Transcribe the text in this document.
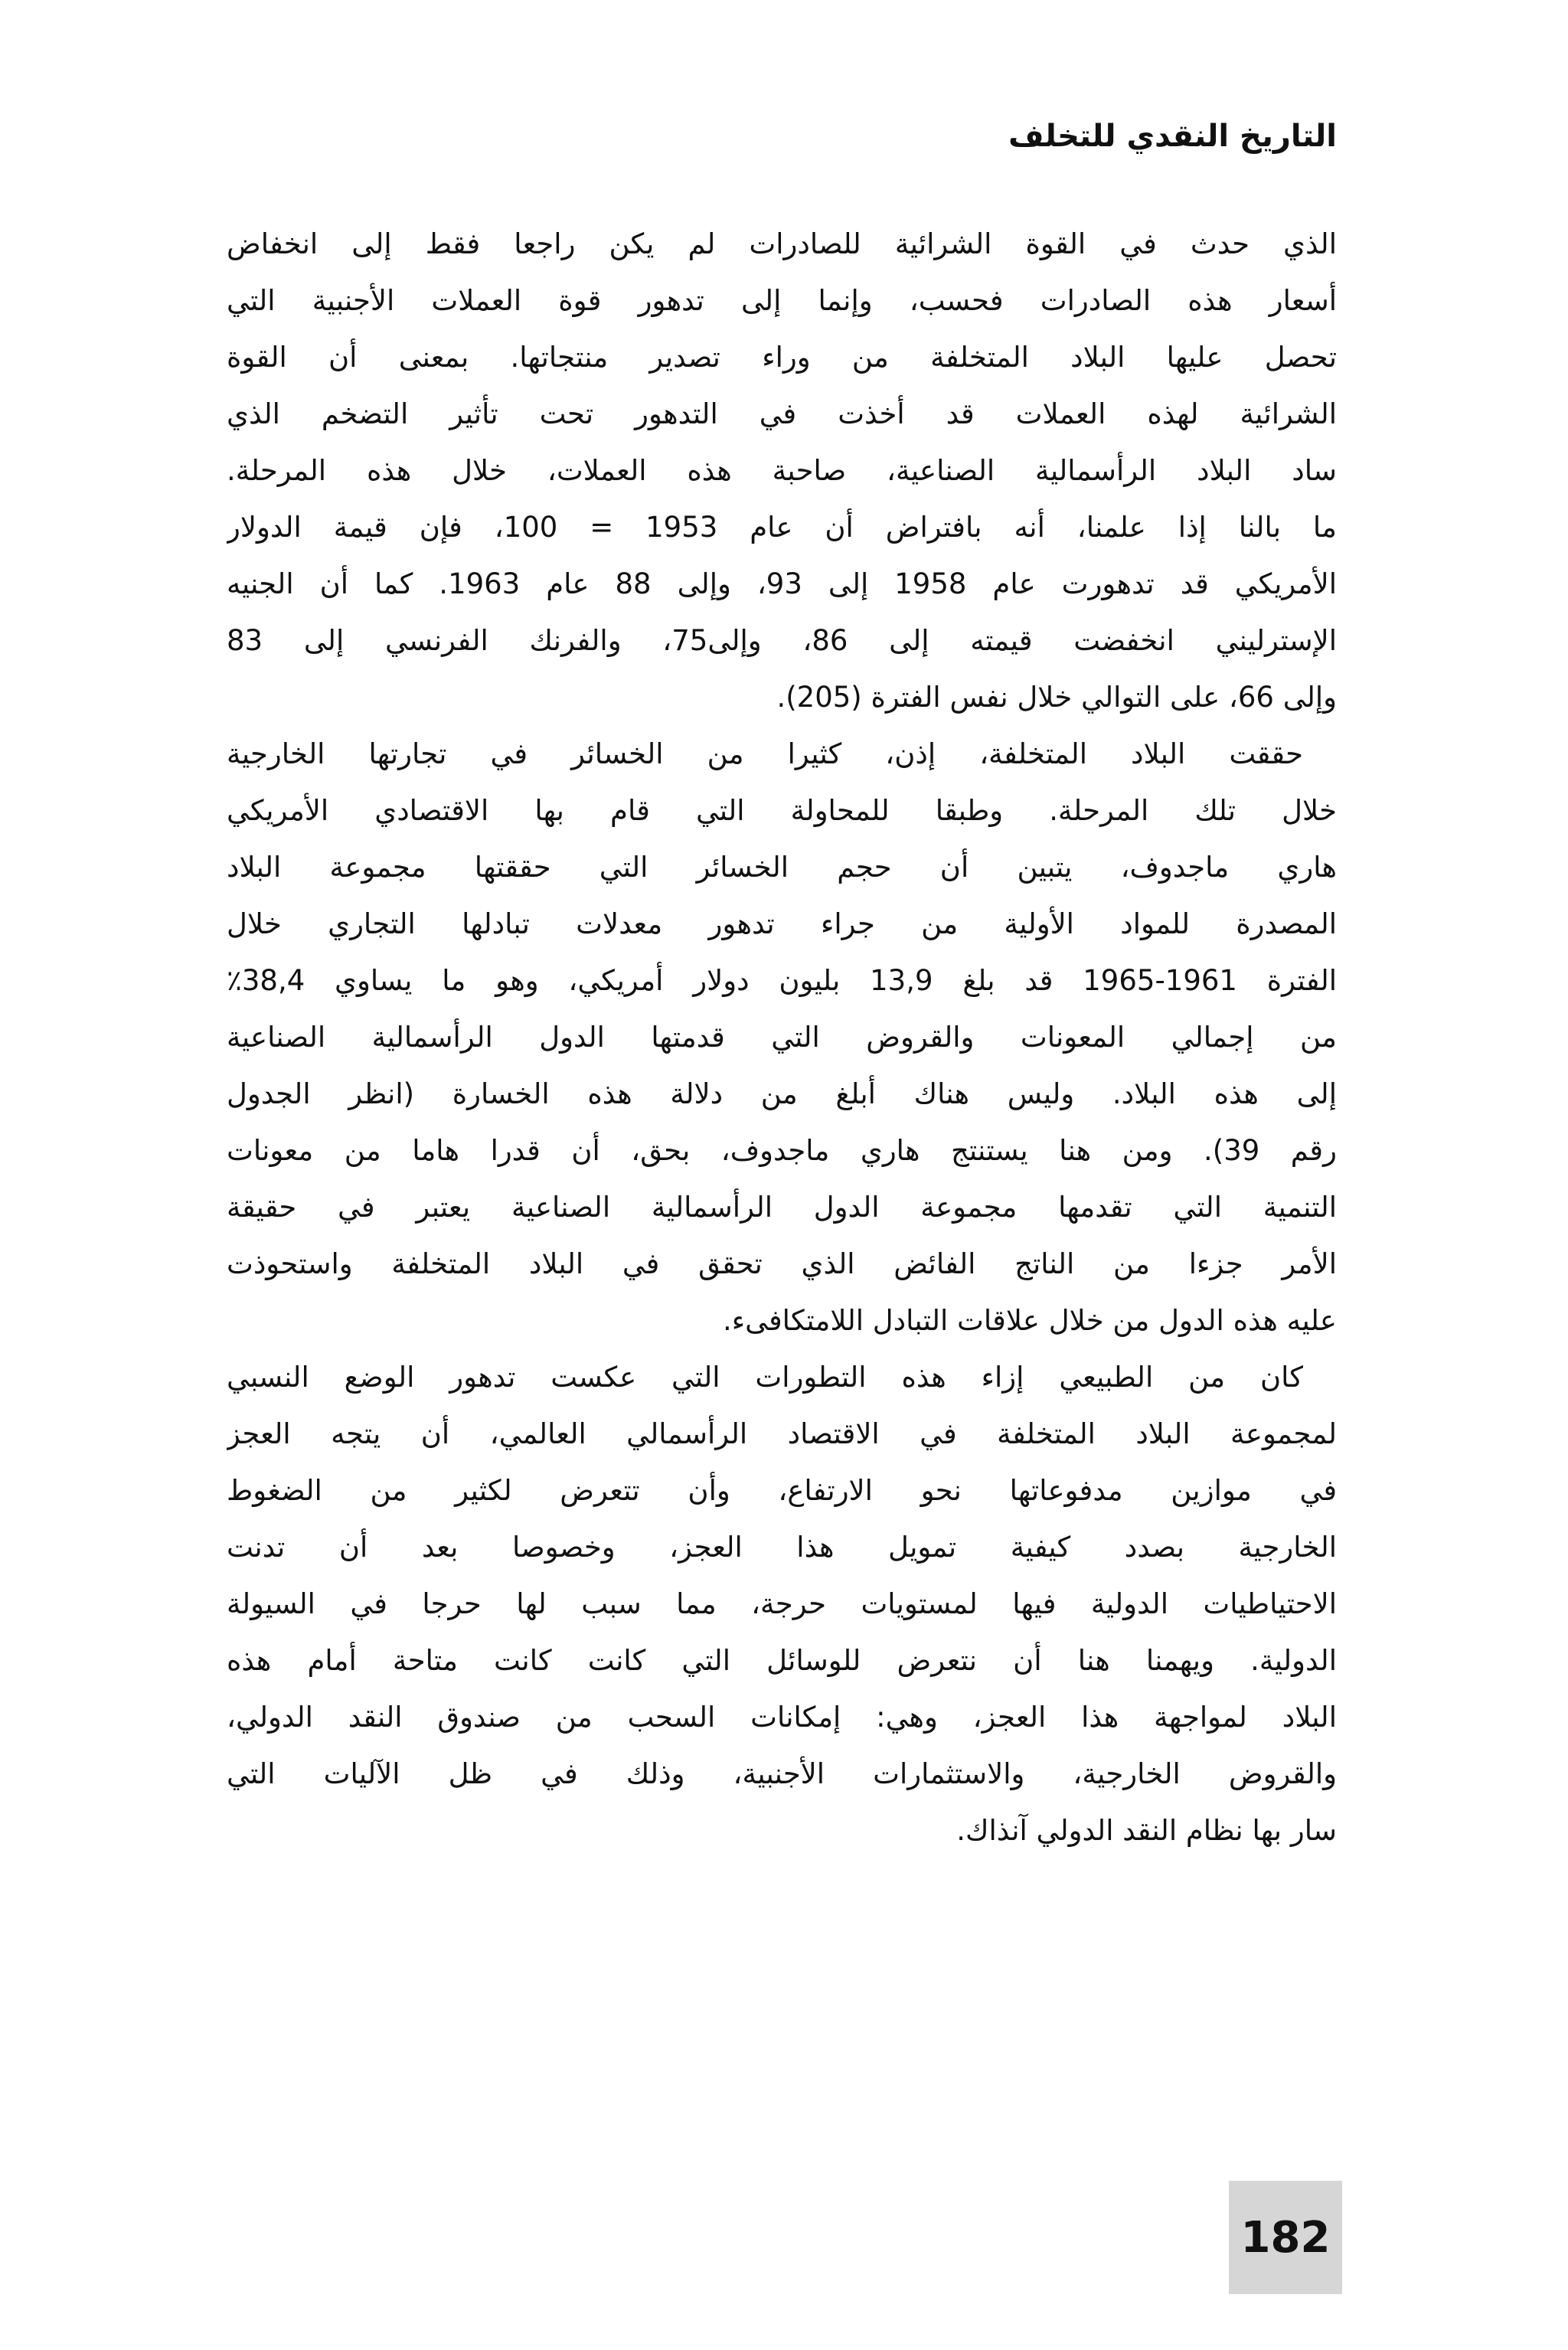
التاريخ النقدي للتخلف
الذي حدث في القوة الشرائية للصادرات لم يكن راجعا فقط إلى انخفاض
أسعار هذه الصادرات فحسب، وإنما إلى تدهور قوة العملات الأجنبية التي
تحصل عليها البلاد المتخلفة من وراء تصدير منتجاتها. بمعنى أن القوة
الشرائية لهذه العملات قد أخذت في التدهور تحت تأثير التضخم الذي
ساد البلاد الرأسمالية الصناعية، صاحبة هذه العملات، خلال هذه المرحلة.
ما بالنا إذا علمنا، أنه بافتراض أن عام 1953 = 100، فإن قيمة الدولار
الأمريكي قد تدهورت عام 1958 إلى 93، وإلى 88 عام 1963. كما أن الجنيه
الإسترليني انخفضت قيمته إلى 86، وإلى75، والفرنك الفرنسي إلى 83
وإلى 66، على التوالي خلال نفس الفترة (205).
حققت البلاد المتخلفة، إذن، كثيرا من الخسائر في تجارتها الخارجية
خلال تلك المرحلة. وطبقا للمحاولة التي قام بها الاقتصادي الأمريكي
هاري ماجدوف، يتبين أن حجم الخسائر التي حققتها مجموعة البلاد
المصدرة للمواد الأولية من جراء تدهور معدلات تبادلها التجاري خلال
الفترة 1961-1965 قد بلغ 13,9 بليون دولار أمريكي، وهو ما يساوي 38,4٪
من إجمالي المعونات والقروض التي قدمتها الدول الرأسمالية الصناعية
إلى هذه البلاد. وليس هناك أبلغ من دلالة هذه الخسارة (انظر الجدول
رقم 39). ومن هنا يستنتج هاري ماجدوف، بحق، أن قدرا هاما من معونات
التنمية التي تقدمها مجموعة الدول الرأسمالية الصناعية يعتبر في حقيقة
الأمر جزءا من الناتج الفائض الذي تحقق في البلاد المتخلفة واستحوذت
عليه هذه الدول من خلال علاقات التبادل اللامتكافىء.
كان من الطبيعي إزاء هذه التطورات التي عكست تدهور الوضع النسبي
لمجموعة البلاد المتخلفة في الاقتصاد الرأسمالي العالمي، أن يتجه العجز
في موازين مدفوعاتها نحو الارتفاع، وأن تتعرض لكثير من الضغوط
الخارجية بصدد كيفية تمويل هذا العجز، وخصوصا بعد أن تدنت
الاحتياطيات الدولية فيها لمستويات حرجة، مما سبب لها حرجا في السيولة
الدولية. ويهمنا هنا أن نتعرض للوسائل التي كانت كانت متاحة أمام هذه
البلاد لمواجهة هذا العجز، وهي: إمكانات السحب من صندوق النقد الدولي،
والقروض الخارجية، والاستثمارات الأجنبية، وذلك في ظل الآليات التي
سار بها نظام النقد الدولي آنذاك.
182
